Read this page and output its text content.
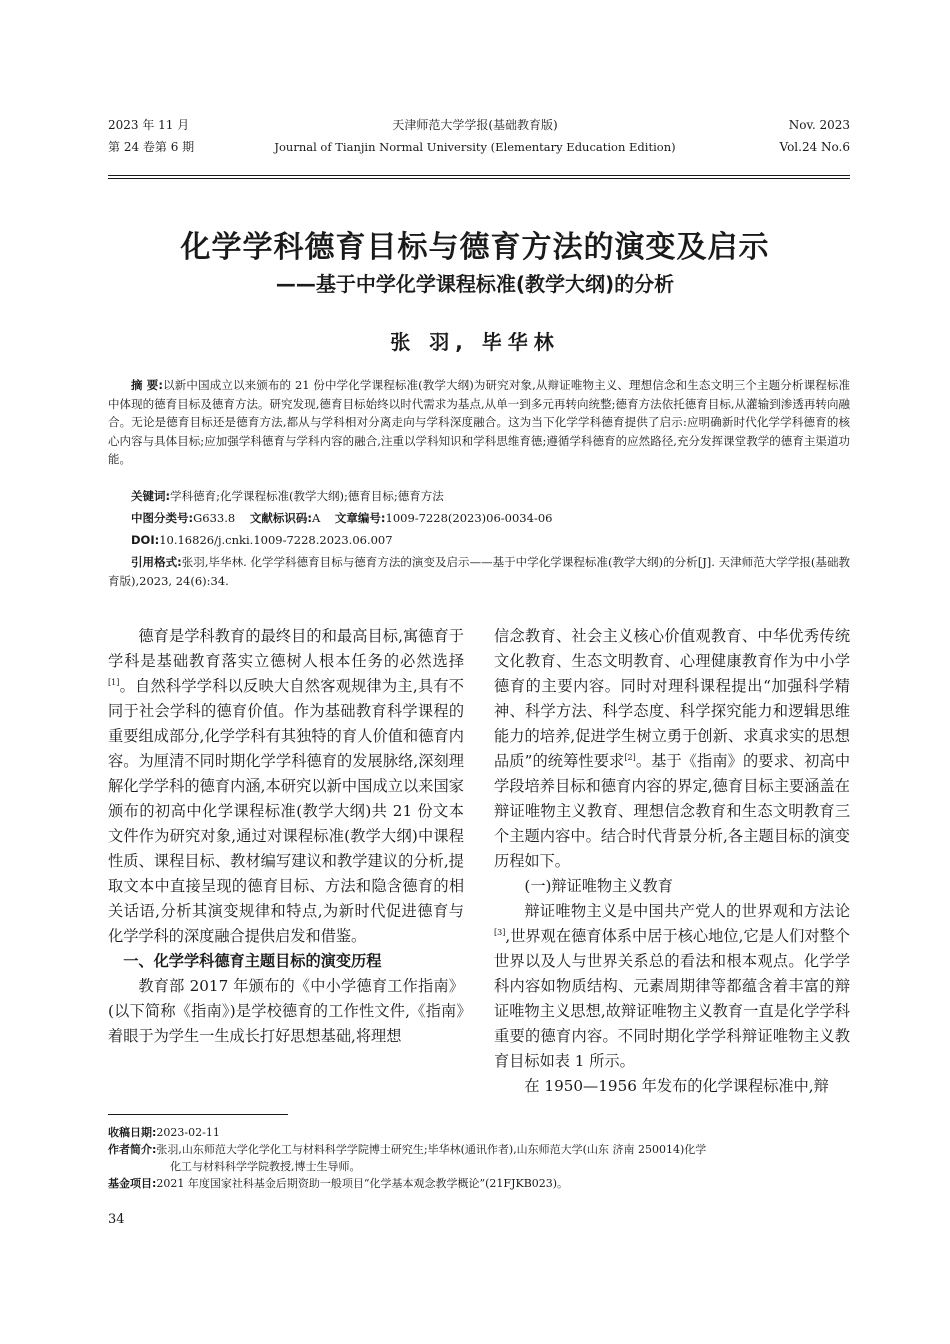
2023 年 11 月
第 24 卷第 6 期
天津师范大学学报(基础教育版)
Journal of Tianjin Normal University (Elementary Education Edition)
Nov. 2023
Vol.24 No.6
化学学科德育目标与德育方法的演变及启示
——基于中学化学课程标准(教学大纲)的分析
张 羽, 毕华林
摘 要:以新中国成立以来颁布的 21 份中学化学课程标准(教学大纲)为研究对象,从辩证唯物主义、理想信念和生态文明三个主题分析课程标准中体现的德育目标及德育方法。研究发现,德育目标始终以时代需求为基点,从单一到多元再转向统整;德育方法依托德育目标,从灌输到渗透再转向融合。无论是德育目标还是德育方法,都从与学科相对分离走向与学科深度融合。这为当下化学学科德育提供了启示:应明确新时代化学学科德育的核心内容与具体目标;应加强学科德育与学科内容的融合,注重以学科知识和学科思维育德;遵循学科德育的应然路径,充分发挥课堂教学的德育主渠道功能。
关键词:学科德育;化学课程标准(教学大纲);德育目标;德育方法
中图分类号:G633.8 文献标识码:A 文章编号:1009-7228(2023)06-0034-06
DOI:10.16826/j.cnki.1009-7228.2023.06.007
引用格式:张羽,毕华林. 化学学科德育目标与德育方法的演变及启示——基于中学化学课程标准(教学大纲)的分析[J]. 天津师范大学学报(基础教育版),2023, 24(6):34.

德育是学科教育的最终目的和最高目标,寓德育于学科是基础教育落实立德树人根本任务的必然选择[1]。自然科学学科以反映大自然客观规律为主,具有不同于社会学科的德育价值。作为基础教育科学课程的重要组成部分,化学学科有其独特的育人价值和德育内容。为厘清不同时期化学学科德育的发展脉络,深刻理解化学学科的德育内涵,本研究以新中国成立以来国家颁布的初高中化学课程标准(教学大纲)共 21 份文本文件作为研究对象,通过对课程标准(教学大纲)中课程性质、课程目标、教材编写建议和教学建议的分析,提取文本中直接呈现的德育目标、方法和隐含德育的相关话语,分析其演变规律和特点,为新时代促进德育与化学学科的深度融合提供启发和借鉴。

一、化学学科德育主题目标的演变历程

教育部 2017 年颁布的《中小学德育工作指南》(以下简称《指南》)是学校德育的工作性文件,《指南》着眼于为学生一生成长打好思想基础,将理想

信念教育、社会主义核心价值观教育、中华优秀传统文化教育、生态文明教育、心理健康教育作为中小学德育的主要内容。同时对理科课程提出“加强科学精神、科学方法、科学态度、科学探究能力和逻辑思维能力的培养,促进学生树立勇于创新、求真求实的思想品质”的统筹性要求[2]。基于《指南》的要求、初高中学段培养目标和德育内容的界定,德育目标主要涵盖在辩证唯物主义教育、理想信念教育和生态文明教育三个主题内容中。结合时代背景分析,各主题目标的演变历程如下。

(一)辩证唯物主义教育

辩证唯物主义是中国共产党人的世界观和方法论[3],世界观在德育体系中居于核心地位,它是人们对整个世界以及人与世界关系总的看法和根本观点。化学学科内容如物质结构、元素周期律等都蕴含着丰富的辩证唯物主义思想,故辩证唯物主义教育一直是化学学科重要的德育内容。不同时期化学学科辩证唯物主义教育目标如表 1 所示。

在 1950—1956 年发布的化学课程标准中,辩

收稿日期:2023-02-11
作者简介:张羽,山东师范大学化学化工与材料科学学院博士研究生;毕华林(通讯作者),山东师范大学(山东 济南 250014)化学
化工与材料科学学院教授,博士生导师。
基金项目:2021 年度国家社科基金后期资助一般项目“化学基本观念教学概论”(21FJKB023)。
34
